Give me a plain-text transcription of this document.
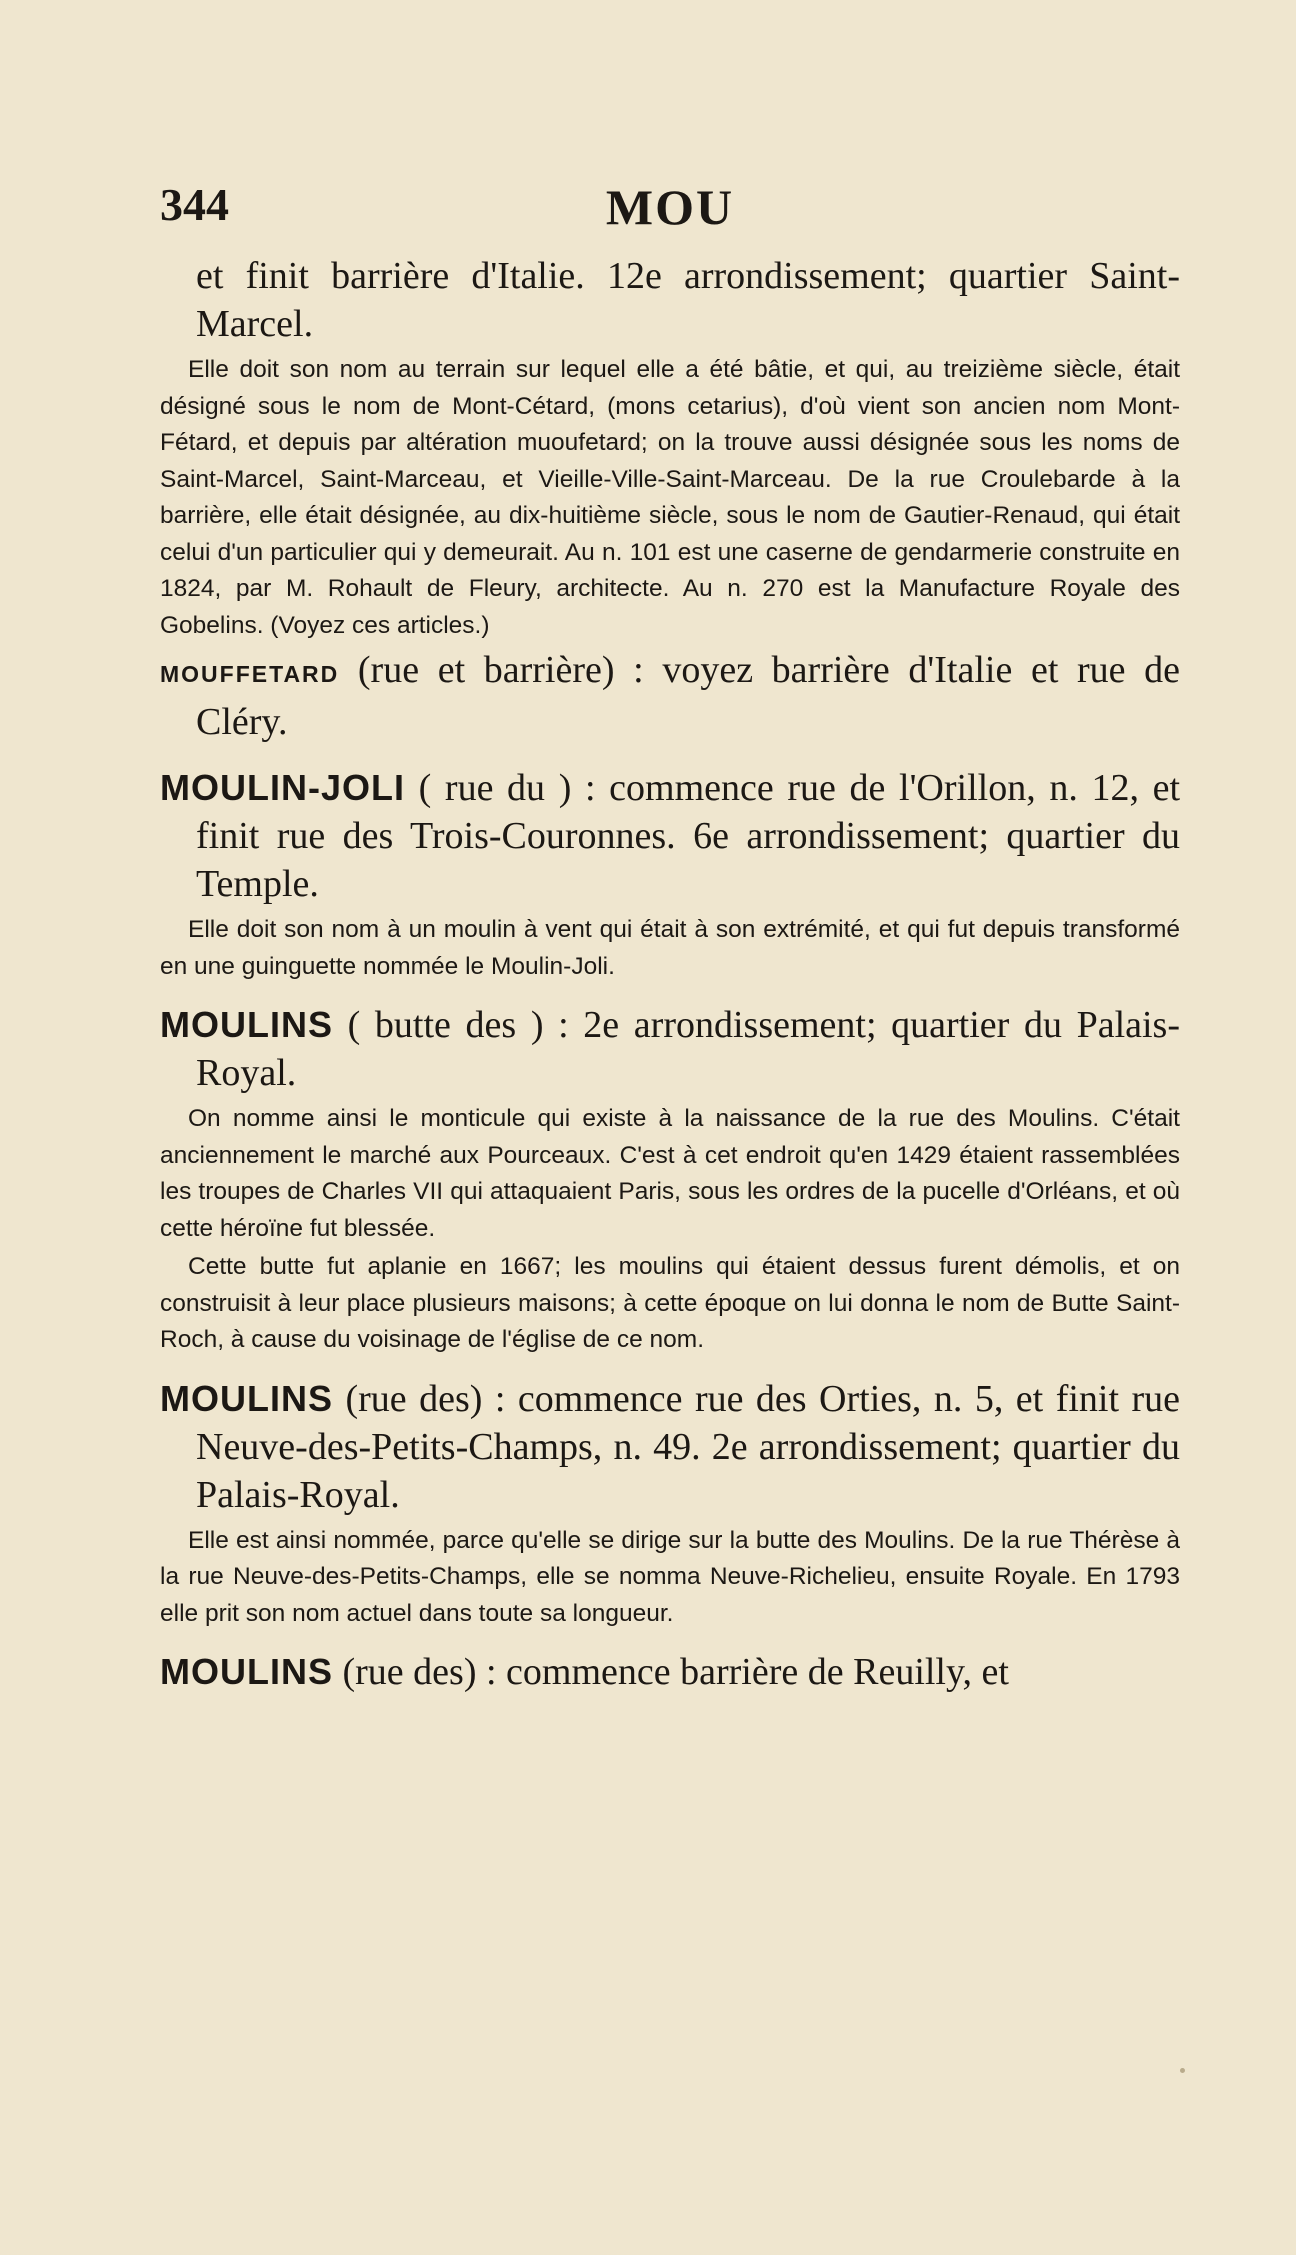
344	MOU

et finit barrière d'Italie. 12e arrondissement; quartier Saint-Marcel.

Elle doit son nom au terrain sur lequel elle a été bâtie, et qui, au treizième siècle, était désigné sous le nom de Mont-Cétard, (mons cetarius), d'où vient son ancien nom Mont-Fétard, et depuis par altération muoufetard; on la trouve aussi désignée sous les noms de Saint-Marcel, Saint-Marceau, et Vieille-Ville-Saint-Marceau. De la rue Croulebarde à la barrière, elle était désignée, au dix-huitième siècle, sous le nom de Gautier-Renaud, qui était celui d'un particulier qui y demeurait. Au n. 101 est une caserne de gendarmerie construite en 1824, par M. Rohault de Fleury, architecte. Au n. 270 est la Manufacture Royale des Gobelins. (Voyez ces articles.)

MOUFFETARD (rue et barrière) : voyez barrière d'Italie et rue de Cléry.

MOULIN-JOLI ( rue du ) : commence rue de l'Orillon, n. 12, et finit rue des Trois-Couronnes. 6e arrondissement; quartier du Temple.

Elle doit son nom à un moulin à vent qui était à son extrémité, et qui fut depuis transformé en une guinguette nommée le Moulin-Joli.

MOULINS ( butte des ) : 2e arrondissement; quartier du Palais-Royal.

On nomme ainsi le monticule qui existe à la naissance de la rue des Moulins. C'était anciennement le marché aux Pourceaux. C'est à cet endroit qu'en 1429 étaient rassemblées les troupes de Charles VII qui attaquaient Paris, sous les ordres de la pucelle d'Orléans, et où cette héroïne fut blessée.

Cette butte fut aplanie en 1667; les moulins qui étaient dessus furent démolis, et on construisit à leur place plusieurs maisons; à cette époque on lui donna le nom de Butte Saint-Roch, à cause du voisinage de l'église de ce nom.

MOULINS (rue des) : commence rue des Orties, n. 5, et finit rue Neuve-des-Petits-Champs, n. 49. 2e arrondissement; quartier du Palais-Royal.

Elle est ainsi nommée, parce qu'elle se dirige sur la butte des Moulins. De la rue Thérèse à la rue Neuve-des-Petits-Champs, elle se nomma Neuve-Richelieu, ensuite Royale. En 1793 elle prit son nom actuel dans toute sa longueur.

MOULINS (rue des) : commence barrière de Reuilly, et
